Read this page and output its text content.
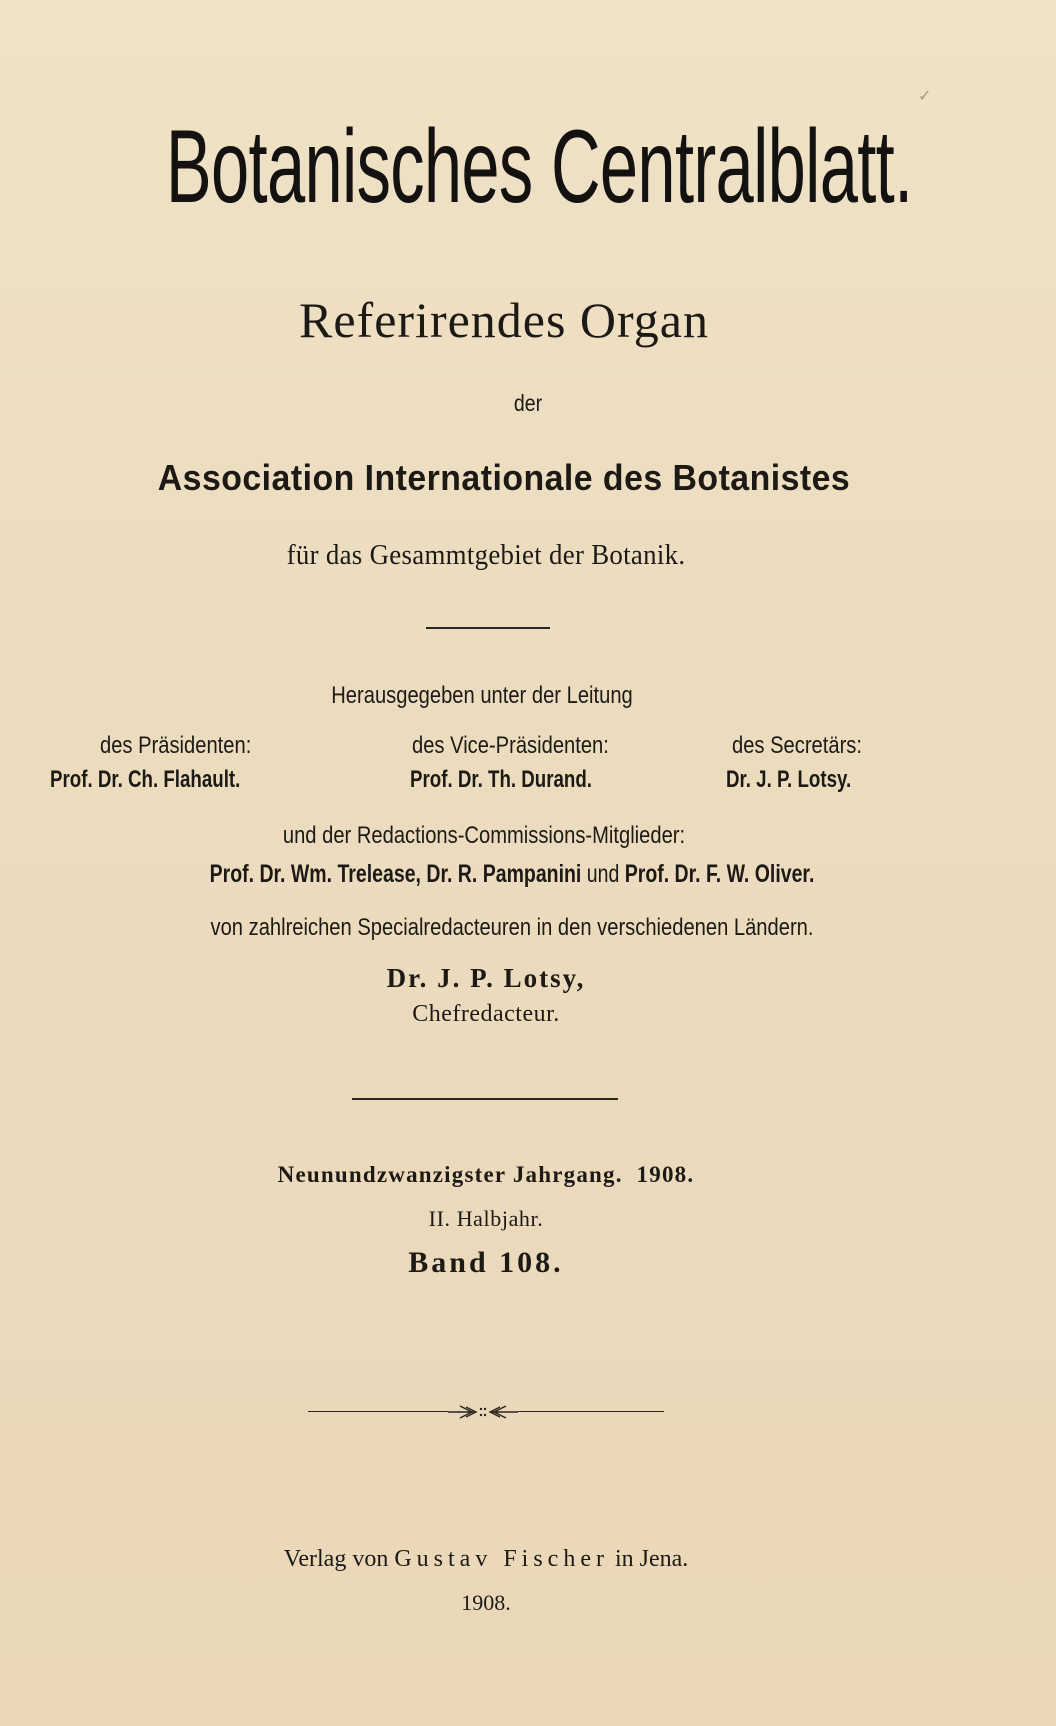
✓
Botanisches Centralblatt.
Referirendes Organ
der
Association Internationale des Botanistes
für das Gesammtgebiet der Botanik.
Herausgegeben unter der Leitung
des Präsidenten:
Prof. Dr. Ch. Flahault.
des Vice-Präsidenten:
Prof. Dr. Th. Durand.
des Secretärs:
Dr. J. P. Lotsy.
und der Redactions-Commissions-Mitglieder:
Prof. Dr. Wm. Trelease, Dr. R. Pampanini und Prof. Dr. F. W. Oliver.
von zahlreichen Specialredacteuren in den verschiedenen Ländern.
Dr. J. P. Lotsy,
Chefredacteur.
Neunundzwanzigster Jahrgang.  1908.
II. Halbjahr.
Band 108.
Verlag von Gustav Fischer in Jena.
1908.
